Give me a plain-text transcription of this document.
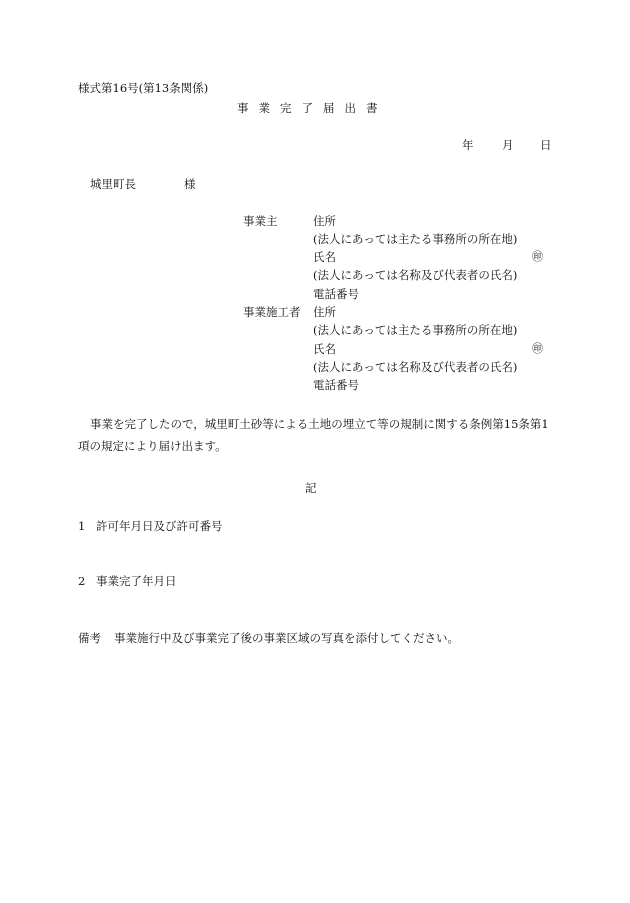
様式第16号(第13条関係)
事業完了届出書
年 月 日
城里町長	様
事業主	住所
(法人にあっては主たる事務所の所在地)
氏名	㊞
(法人にあっては名称及び代表者の氏名)
電話番号
事業施工者 住所
(法人にあっては主たる事務所の所在地)
氏名	㊞
(法人にあっては名称及び代表者の氏名)
電話番号
事業を完了したので，城里町土砂等による土地の埋立て等の規制に関する条例第15条第1
項の規定により届け出ます。
記
1 許可年月日及び許可番号
2 事業完了年月日
備考 事業施行中及び事業完了後の事業区域の写真を添付してください。
